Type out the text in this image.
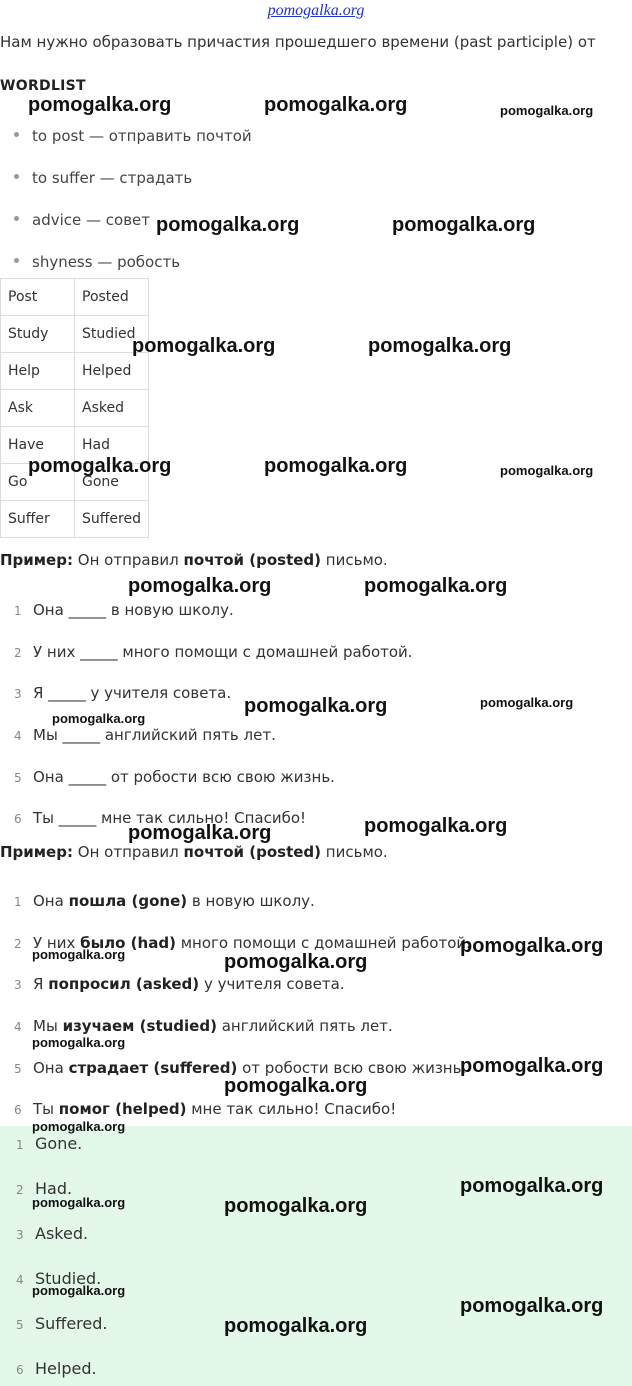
pomogalka.org
Нам нужно образовать причастия прошедшего времени (past participle) от
WORDLIST
to post — отправить почтой
to suffer — страдать
advice — совет
shyness — робость
Post	Posted
Study	Studied
Help	Helped
Ask	Asked
Have	Had
Go	Gone
Suffer	Suffered
Пример: Он отправил почтой (posted) письмо.
1 Она _____ в новую школу.
2 У них _____ много помощи с домашней работой.
3 Я _____ у учителя совета.
4 Мы _____ английский пять лет.
5 Она _____ от робости всю свою жизнь.
6 Ты _____ мне так сильно! Спасибо!
Пример: Он отправил почтой (posted) письмо.
1 Она пошла (gone) в новую школу.
2 У них было (had) много помощи с домашней работой.
3 Я попросил (asked) у учителя совета.
4 Мы изучаем (studied) английский пять лет.
5 Она страдает (suffered) от робости всю свою жизнь.
6 Ты помог (helped) мне так сильно! Спасибо!
1 Gone.
2 Had.
3 Asked.
4 Studied.
5 Suffered.
6 Helped.
pomogalka.org	pomogalka.org	pomogalka.org
pomogalka.org	pomogalka.org
pomogalka.org	pomogalka.org
pomogalka.org	pomogalka.org	pomogalka.org
pomogalka.org	pomogalka.org
pomogalka.org	pomogalka.org
pomogalka.org
pomogalka.org	pomogalka.org
pomogalka.org
pomogalka.org	pomogalka.org
pomogalka.org
pomogalka.org
pomogalka.org
pomogalka.org
pomogalka.org
pomogalka.org	pomogalka.org
pomogalka.org
pomogalka.org
pomogalka.org
